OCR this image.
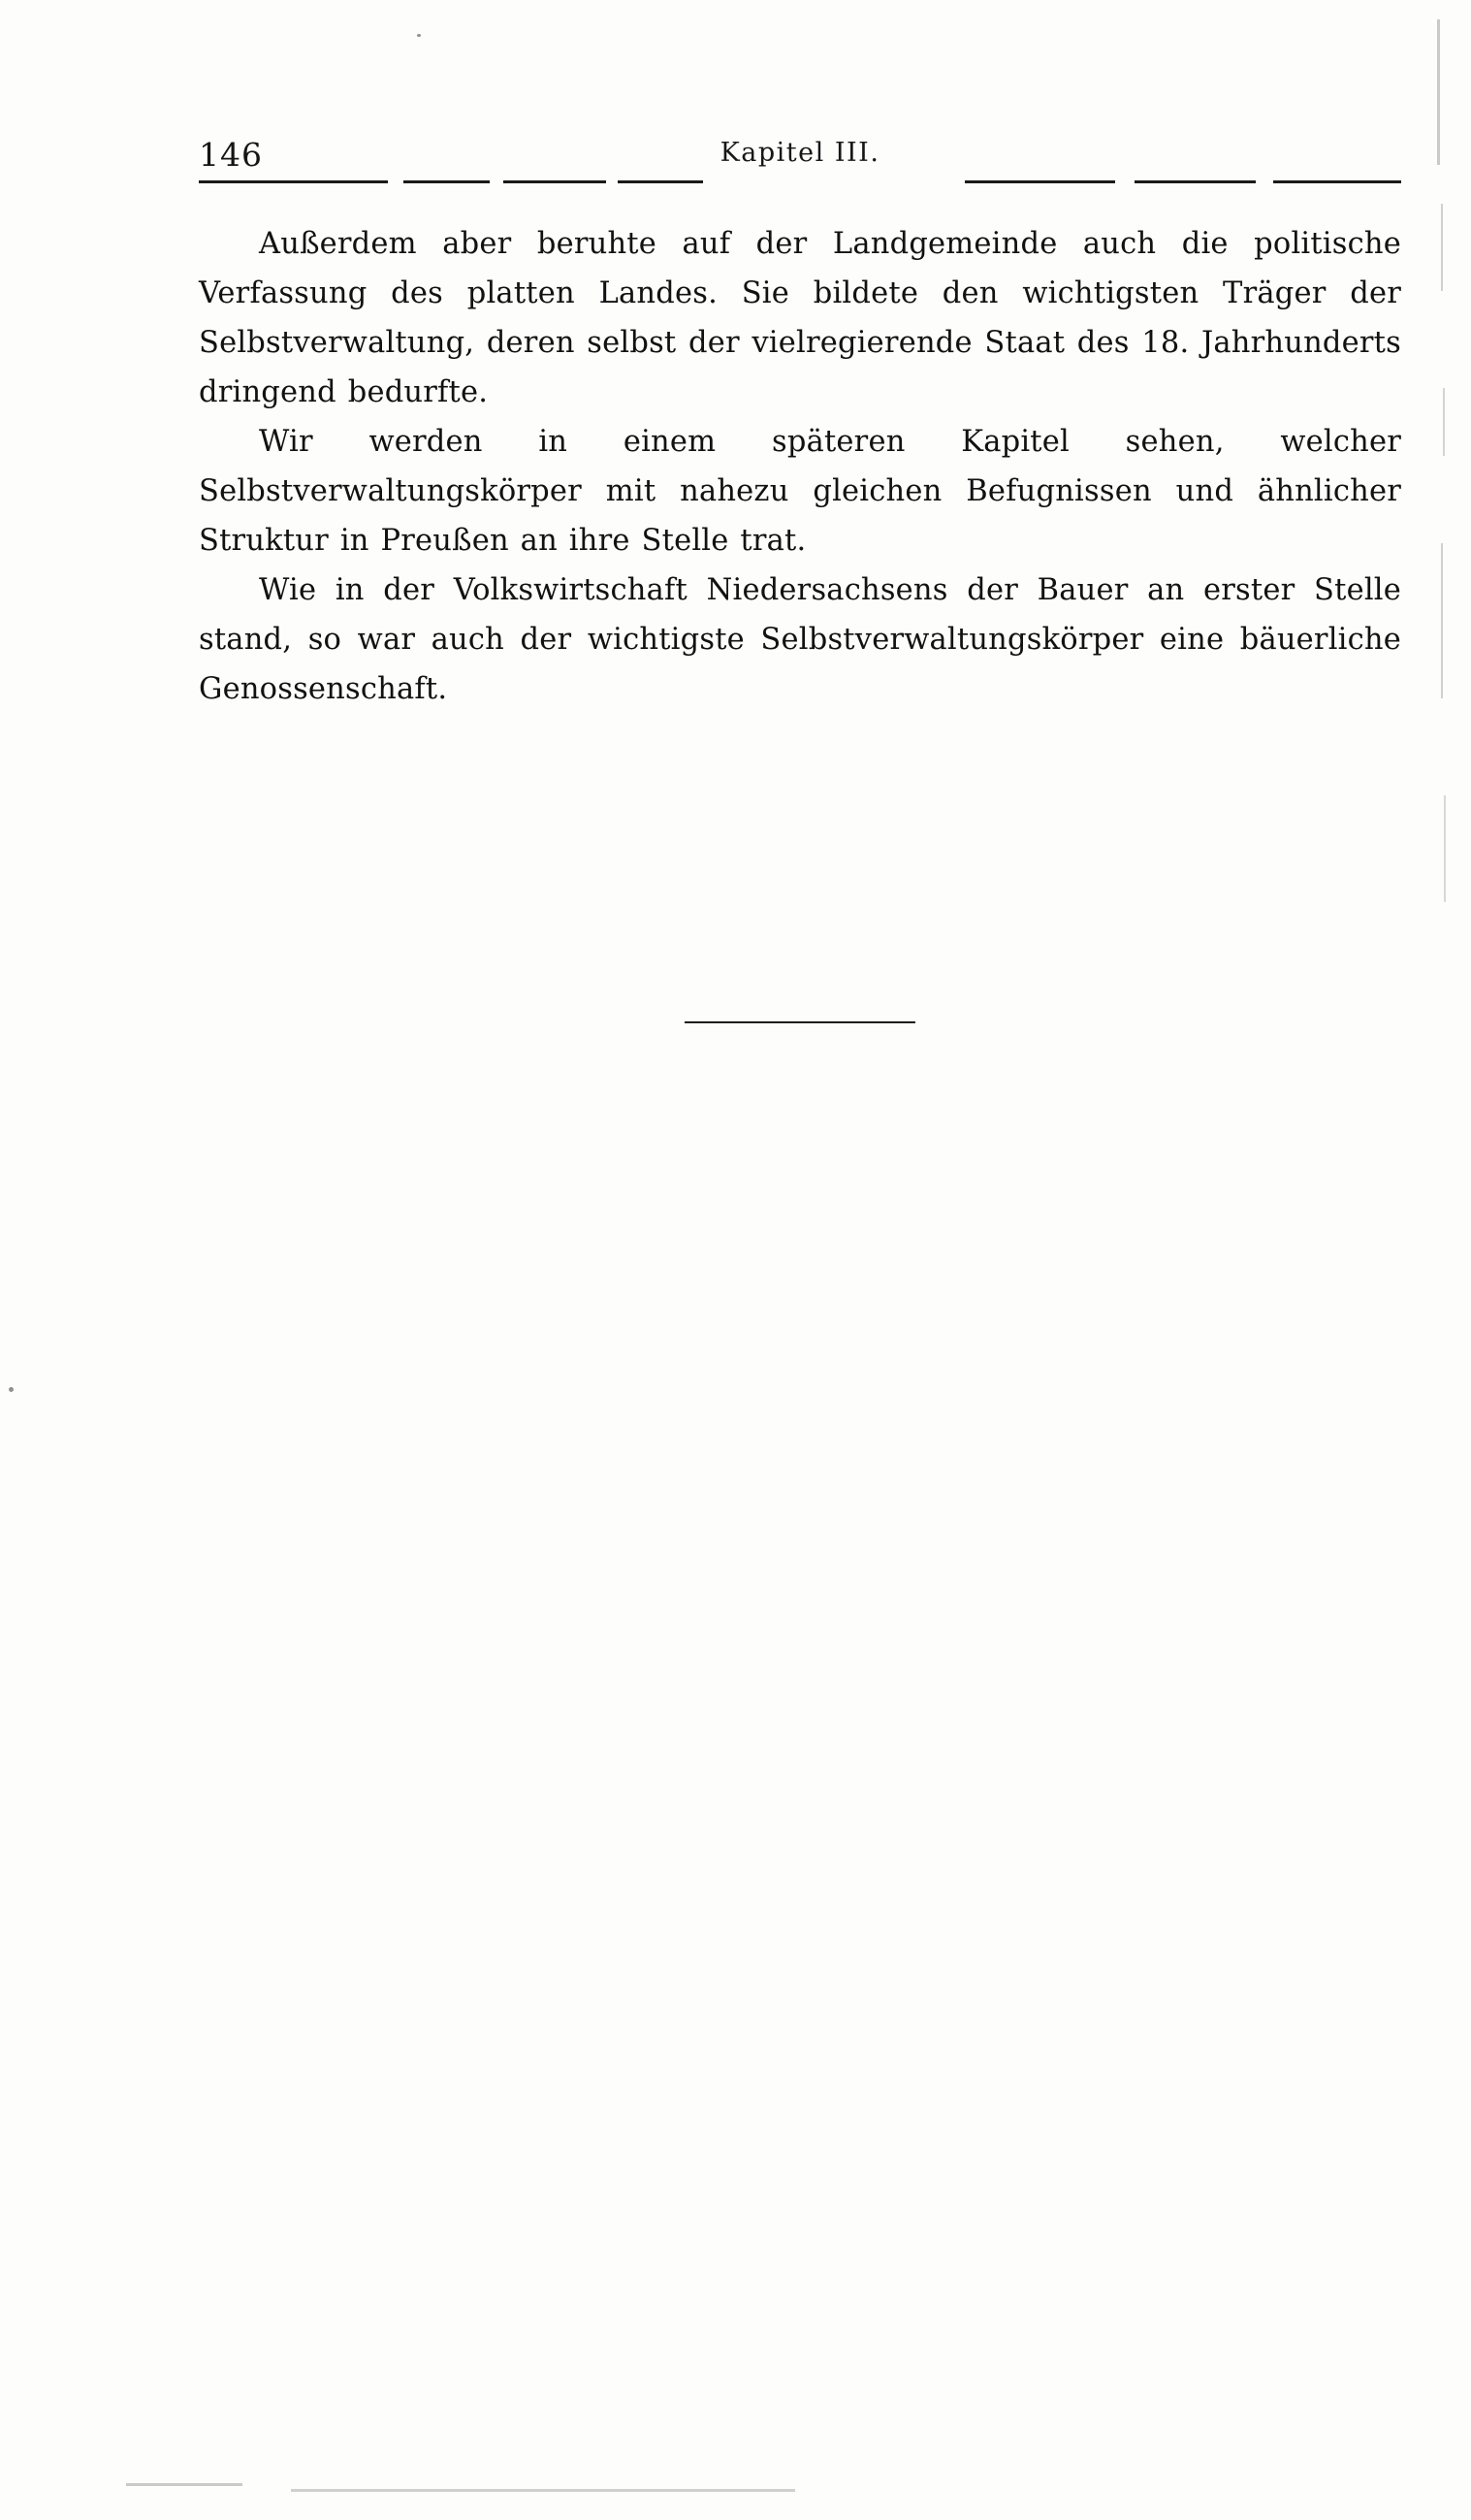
146	Kapitel III.

Außerdem aber beruhte auf der Landgemeinde auch die politische Verfassung des platten Landes. Sie bildete den wichtigsten Träger der Selbstverwaltung, deren selbst der vielregierende Staat des 18. Jahrhunderts dringend bedurfte.

Wir werden in einem späteren Kapitel sehen, welcher Selbstverwaltungskörper mit nahezu gleichen Befugnissen und ähnlicher Struktur in Preußen an ihre Stelle trat.

Wie in der Volkswirtschaft Niedersachsens der Bauer an erster Stelle stand, so war auch der wichtigste Selbstverwaltungskörper eine bäuerliche Genossenschaft.
